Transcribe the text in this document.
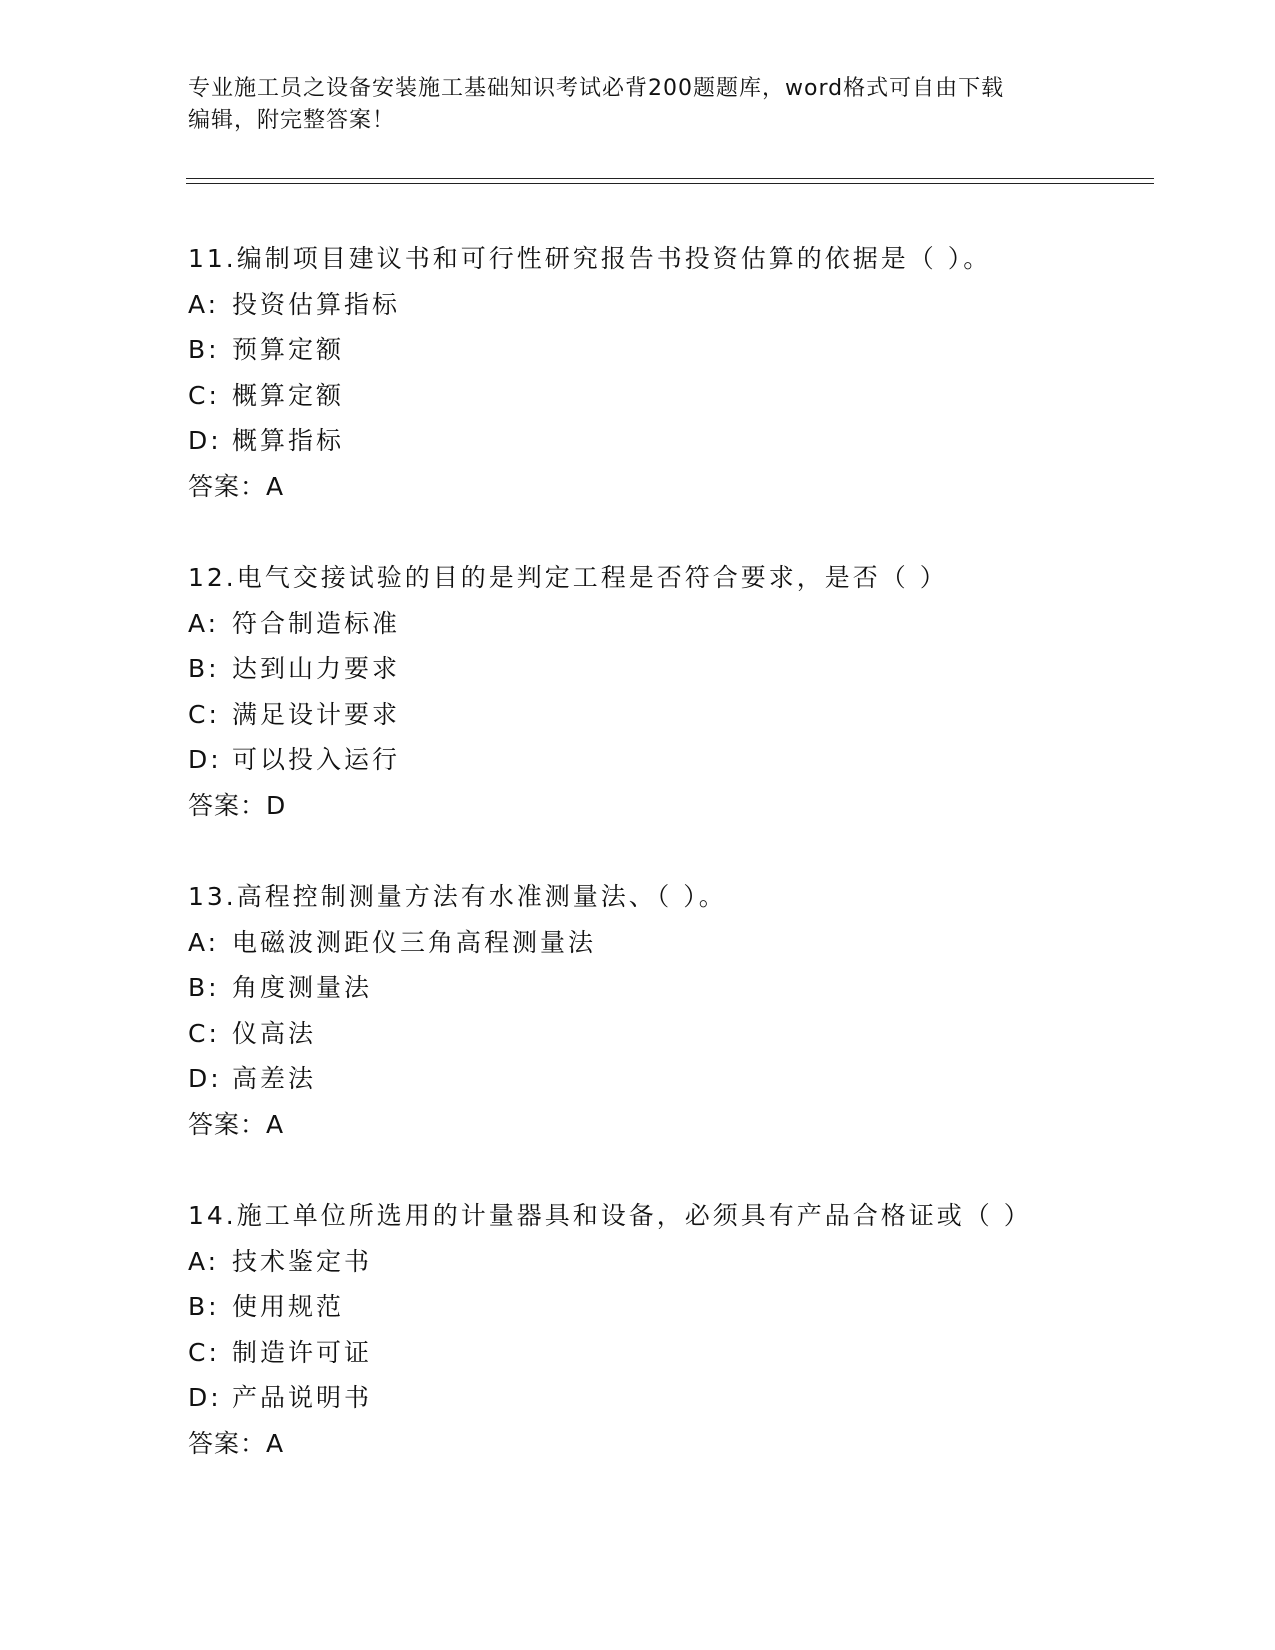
专业施工员之设备安装施工基础知识考试必背200题题库，word格式可自由下载
编辑，附完整答案！
11.编制项目建议书和可行性研究报告书投资估算的依据是（ ）。
A: 投资估算指标
B: 预算定额
C: 概算定额
D: 概算指标
答案：A
12.电气交接试验的目的是判定工程是否符合要求，是否（ ）
A: 符合制造标准
B: 达到山力要求
C: 满足设计要求
D: 可以投入运行
答案：D
13.高程控制测量方法有水准测量法、（ ）。
A: 电磁波测距仪三角高程测量法
B: 角度测量法
C: 仪高法
D: 高差法
答案：A
14.施工单位所选用的计量器具和设备，必须具有产品合格证或（ ）
A: 技术鉴定书
B: 使用规范
C: 制造许可证
D: 产品说明书
答案：A
